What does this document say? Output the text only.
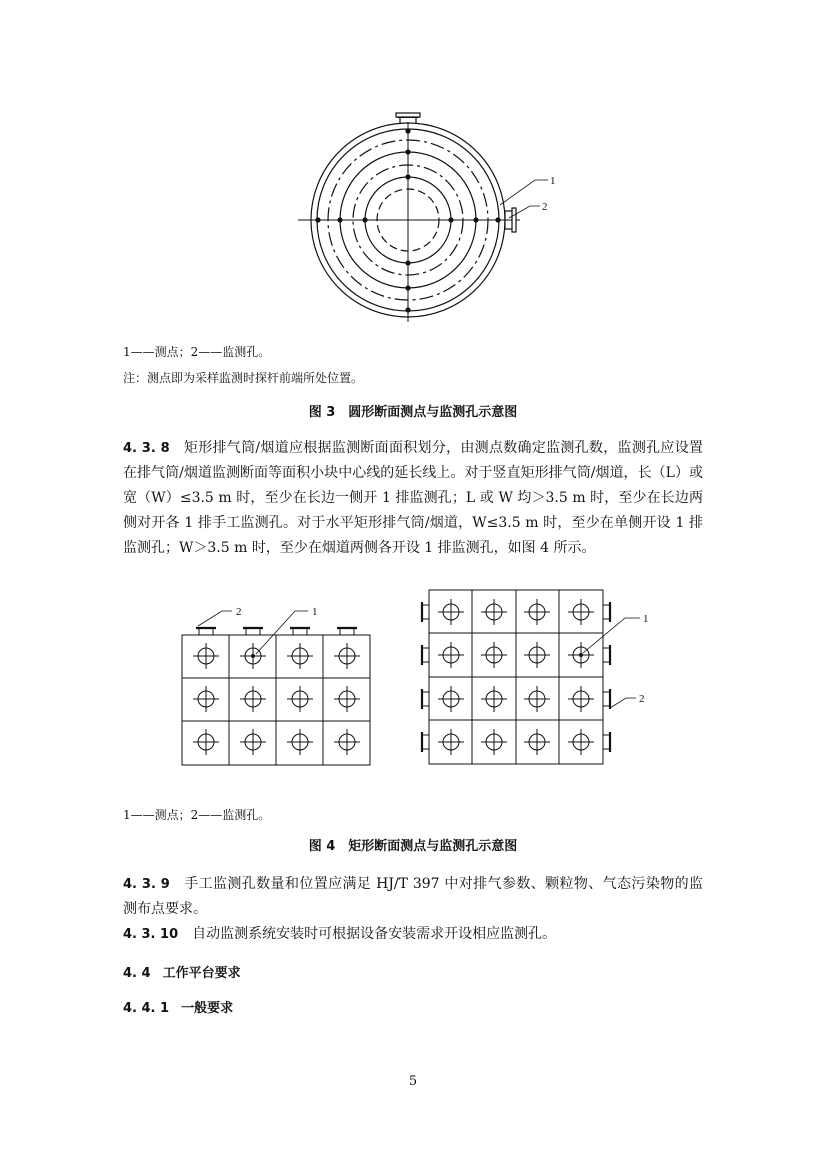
1
2
1——测点；2——监测孔。
注：测点即为采样监测时探杆前端所处位置。
图 3　圆形断面测点与监测孔示意图

4. 3. 8 矩形排气筒/烟道应根据监测断面面积划分，由测点数确定监测孔数，监测孔应设置在排气筒/烟道监测断面等面积小块中心线的延长线上。对于竖直矩形排气筒/烟道，长（L）或宽（W）≤3.5 m 时，至少在长边一侧开 1 排监测孔；L 或 W 均＞3.5 m 时，至少在长边两侧对开各 1 排手工监测孔。对于水平矩形排气筒/烟道，W≤3.5 m 时，至少在单侧开设 1 排监测孔；W＞3.5 m 时，至少在烟道两侧各开设 1 排监测孔，如图 4 所示。

2	1
1
2
1——测点；2——监测孔。
图 4　矩形断面测点与监测孔示意图

4. 3. 9 手工监测孔数量和位置应满足 HJ/T 397 中对排气参数、颗粒物、气态污染物的监测布点要求。

4. 3. 10 自动监测系统安装时可根据设备安装需求开设相应监测孔。

4. 4 工作平台要求
4. 4. 1 一般要求
5
